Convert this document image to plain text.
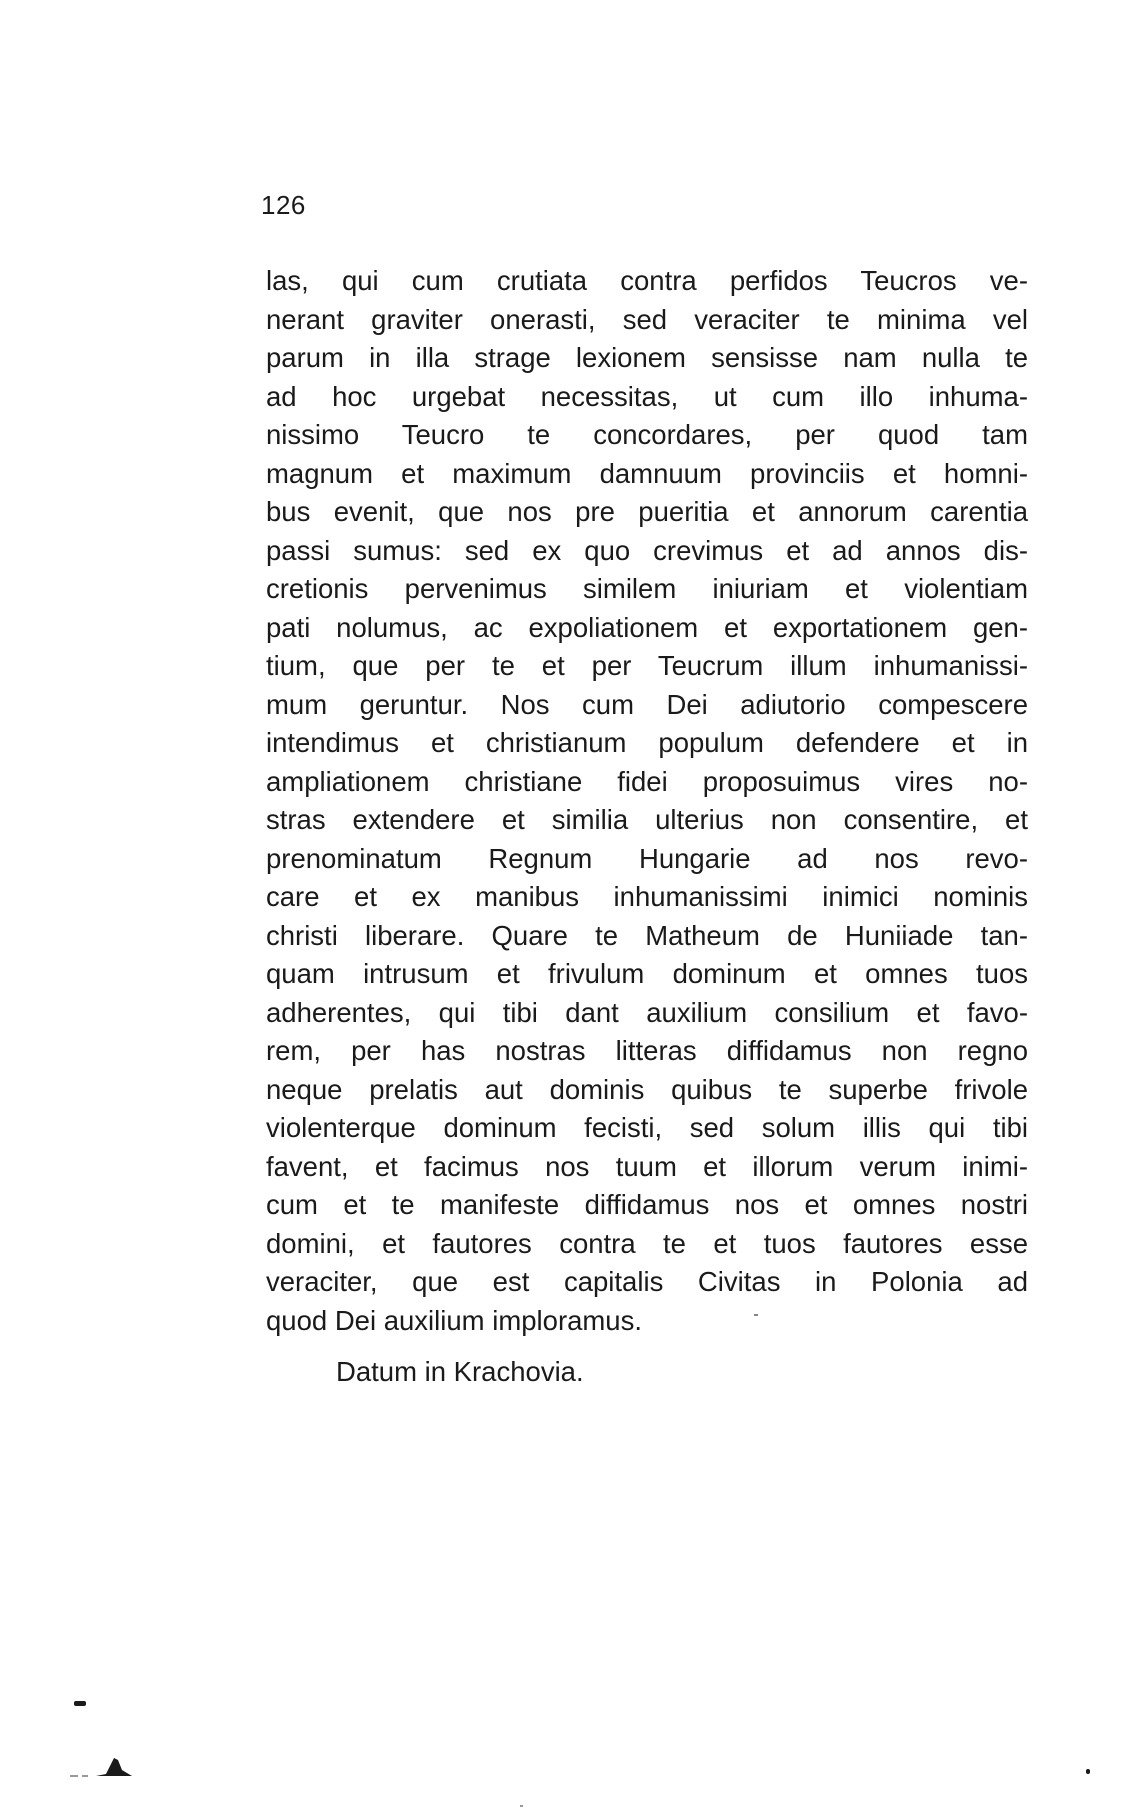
126
las, qui cum crutiata contra perfidos Teucros ve-
nerant graviter onerasti, sed veraciter te minima vel
parum in illa strage lexionem sensisse nam nulla te
ad hoc urgebat necessitas, ut cum illo inhuma-
nissimo Teucro te concordares, per quod tam
magnum et maximum damnuum provinciis et homni-
bus evenit, que nos pre pueritia et annorum carentia
passi sumus: sed ex quo crevimus et ad annos dis-
cretionis pervenimus similem iniuriam et violentiam
pati nolumus, ac expoliationem et exportationem gen-
tium, que per te et per Teucrum illum inhumanissi-
mum geruntur. Nos cum Dei adiutorio compescere
intendimus et christianum populum defendere et in
ampliationem christiane fidei proposuimus vires no-
stras extendere et similia ulterius non consentire, et
prenominatum Regnum Hungarie ad nos revo-
care et ex manibus inhumanissimi inimici nominis
christi liberare. Quare te Matheum de Huniiade tan-
quam intrusum et frivulum dominum et omnes tuos
adherentes, qui tibi dant auxilium consilium et favo-
rem, per has nostras litteras diffidamus non regno
neque prelatis aut dominis quibus te superbe frivole
violenterque dominum fecisti, sed solum illis qui tibi
favent, et facimus nos tuum et illorum verum inimi-
cum et te manifeste diffidamus nos et omnes nostri
domini, et fautores contra te et tuos fautores esse
veraciter, que est capitalis Civitas in Polonia ad
quod Dei auxilium imploramus.
Datum in Krachovia.
